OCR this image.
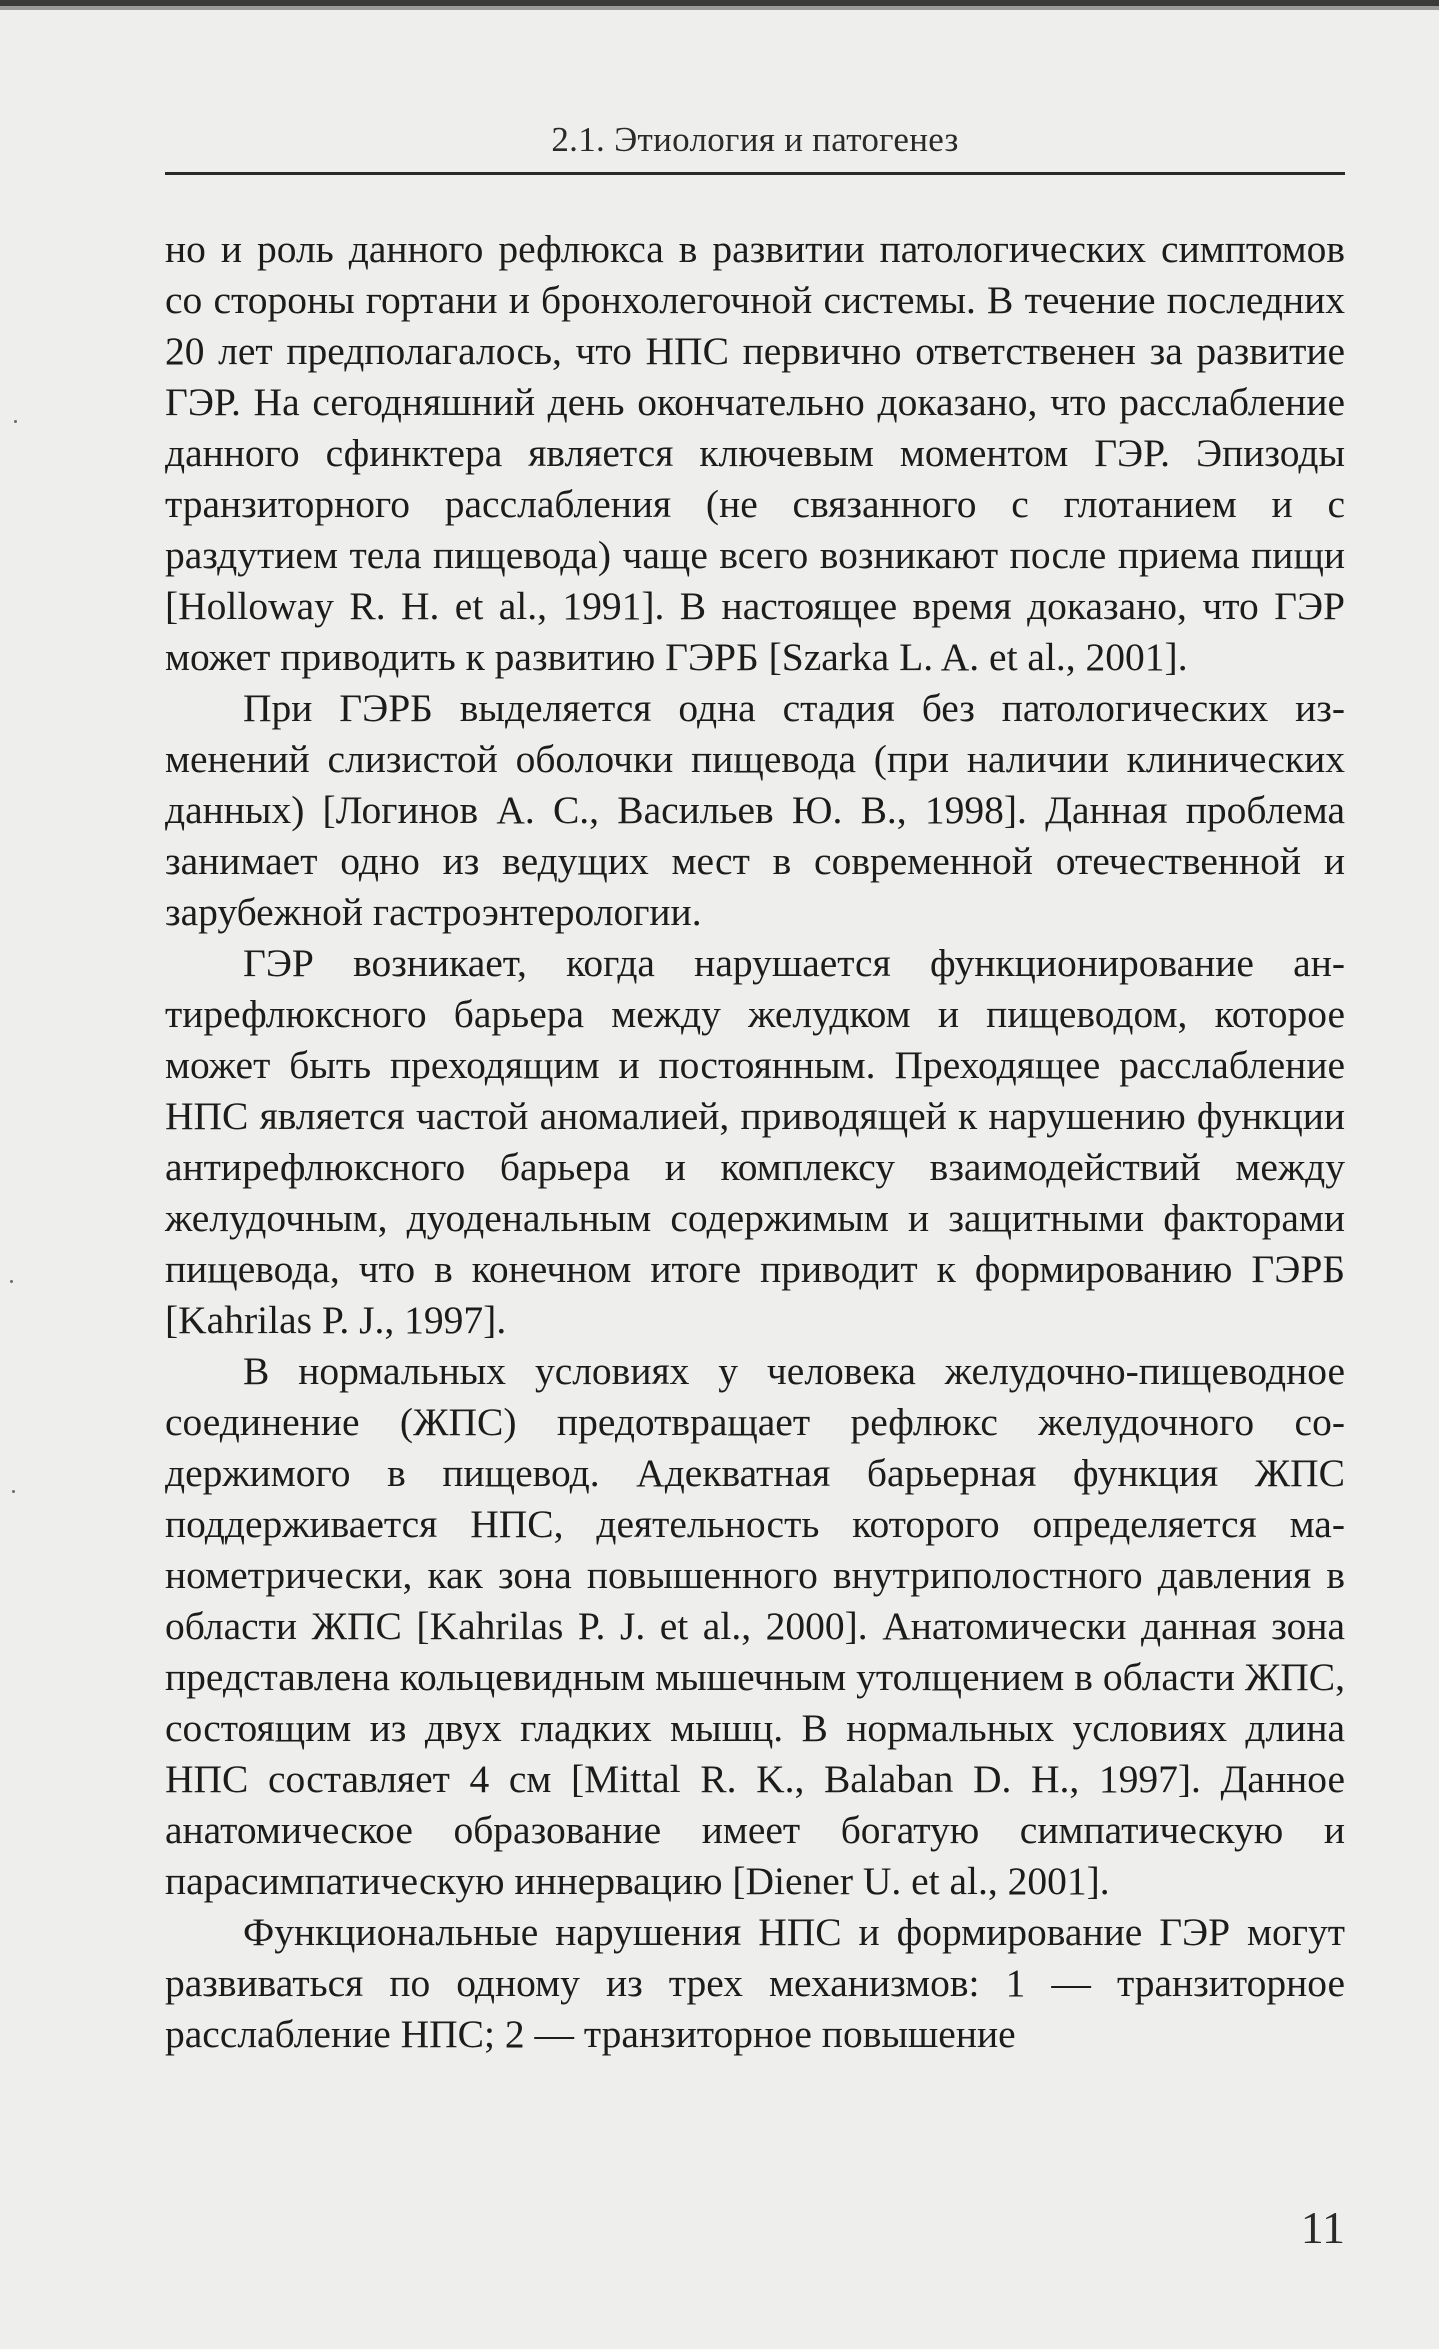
2.1. Этиология и патогенез

но и роль данного рефлюкса в развитии патологических симптомов со стороны гортани и бронхолегочной системы. В течение последних 20 лет предполагалось, что НПС первично ответственен за развитие ГЭР. На сегодняшний день окончательно доказано, что расслабление данного сфинктера является ключевым моментом ГЭР. Эпизоды транзиторного расслабления (не связанного с глотанием и с раздутием тела пищевода) чаще всего возникают после приема пищи [Holloway R. H. et al., 1991]. В настоящее время доказано, что ГЭР может приводить к развитию ГЭРБ [Szarka L. A. et al., 2001].

При ГЭРБ выделяется одна стадия без патологических изменений слизистой оболочки пищевода (при наличии клинических данных) [Логинов А. С., Васильев Ю. В., 1998]. Данная проблема занимает одно из ведущих мест в современной отечественной и зарубежной гастроэнтерологии.

ГЭР возникает, когда нарушается функционирование антирефлюксного барьера между желудком и пищеводом, которое может быть преходящим и постоянным. Преходящее расслабление НПС является частой аномалией, приводящей к нарушению функции антирефлюксного барьера и комплексу взаимодействий между желудочным, дуоденальным содержимым и защитными факторами пищевода, что в конечном итоге приводит к формированию ГЭРБ [Kahrilas P. J., 1997].

В нормальных условиях у человека желудочно-пищеводное соединение (ЖПС) предотвращает рефлюкс желудочного содержимого в пищевод. Адекватная барьерная функция ЖПС поддерживается НПС, деятельность которого определяется манометрически, как зона повышенного внутриполостного давления в области ЖПС [Kahrilas P. J. et al., 2000]. Анатомически данная зона представлена кольцевидным мышечным утолщением в области ЖПС, состоящим из двух гладких мышц. В нормальных условиях длина НПС составляет 4 см [Mittal R. K., Balaban D. H., 1997]. Данное анатомическое образование имеет богатую симпатическую и парасимпатическую иннервацию [Diener U. et al., 2001].

Функциональные нарушения НПС и формирование ГЭР могут развиваться по одному из трех механизмов: 1 — транзиторное расслабление НПС; 2 — транзиторное повышение

11
